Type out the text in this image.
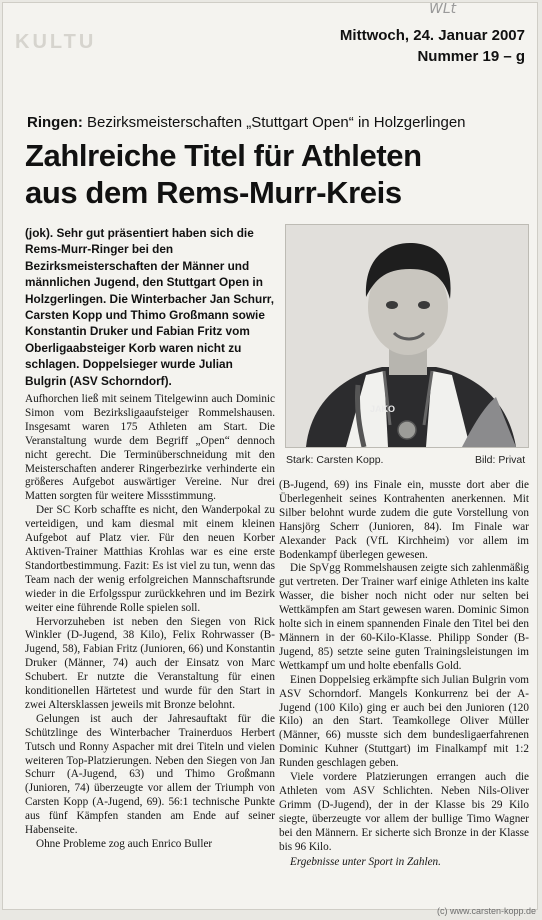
WLt
KULTU	Mittwoch, 24. Januar 2007
Nummer 19 – g
Ringen: Bezirksmeisterschaften „Stuttgart Open“ in Holzgerlingen
Zahlreiche Titel für Athleten
aus dem Rems-Murr-Kreis
(jok). Sehr gut präsentiert haben sich die Rems-Murr-Ringer bei den Bezirksmeisterschaften der Männer und männlichen Jugend, den Stuttgart Open in Holzgerlingen. Die Winterbacher Jan Schurr, Carsten Kopp und Thimo Großmann sowie Konstantin Druker und Fabian Fritz vom Oberligaabsteiger Korb waren nicht zu schlagen. Doppelsieger wurde Julian Bulgrin (ASV Schorndorf).
JAKO
Stark: Carsten Kopp.	Bild: Privat

Aufhorchen ließ mit seinem Titelgewinn auch Dominic Simon vom Bezirksligaaufsteiger Rommelshausen. Insgesamt waren 175 Athleten am Start. Die Veranstaltung wurde dem Begriff „Open“ dennoch nicht gerecht. Die Terminüberschneidung mit den Meisterschaften anderer Ringerbezirke verhinderte ein größeres Aufgebot auswärtiger Vereine. Nur drei Matten sorgten für weitere Missstimmung.

Der SC Korb schaffte es nicht, den Wanderpokal zu verteidigen, und kam diesmal mit einem kleinen Aufgebot auf Platz vier. Für den neuen Korber Aktiven-Trainer Matthias Krohlas war es eine erste Standortbestimmung. Fazit: Es ist viel zu tun, wenn das Team nach der wenig erfolgreichen Mannschaftsrunde wieder in die Erfolgsspur zurückkehren und im Bezirk weiter eine führende Rolle spielen soll.

Hervorzuheben ist neben den Siegen von Rick Winkler (D-Jugend, 38 Kilo), Felix Rohrwasser (B-Jugend, 58), Fabian Fritz (Junioren, 66) und Konstantin Druker (Männer, 74) auch der Einsatz von Marc Schubert. Er nutzte die Veranstaltung für einen konditionellen Härtetest und wurde für den Start in zwei Altersklassen jeweils mit Bronze belohnt.

Gelungen ist auch der Jahresauftakt für die Schützlinge des Winterbacher Trainerduos Herbert Tutsch und Ronny Aspacher mit drei Titeln und vielen weiteren Top-Platzierungen. Neben den Siegen von Jan Schurr (A-Jugend, 63) und Thimo Großmann (Junioren, 74) überzeugte vor allem der Triumph von Carsten Kopp (A-Jugend, 69). 56:1 technische Punkte aus fünf Kämpfen standen am Ende auf seiner Habenseite.

Ohne Probleme zog auch Enrico Buller

(B-Jugend, 69) ins Finale ein, musste dort aber die Überlegenheit seines Kontrahenten anerkennen. Mit Silber belohnt wurde zudem die gute Vorstellung von Hansjörg Scherr (Junioren, 84). Im Finale war Alexander Pack (VfL Kirchheim) vor allem im Bodenkampf überlegen gewesen.

Die SpVgg Rommelshausen zeigte sich zahlenmäßig gut vertreten. Der Trainer warf einige Athleten ins kalte Wasser, die bisher noch nicht oder nur selten bei Wettkämpfen am Start gewesen waren. Dominic Simon holte sich in einem spannenden Finale den Titel bei den Männern in der 60-Kilo-Klasse. Philipp Sonder (B-Jugend, 85) setzte seine guten Trainingsleistungen im Wettkampf um und holte ebenfalls Gold.

Einen Doppelsieg erkämpfte sich Julian Bulgrin vom ASV Schorndorf. Mangels Konkurrenz bei der A-Jugend (100 Kilo) ging er auch bei den Junioren (120 Kilo) an den Start. Teamkollege Oliver Müller (Männer, 66) musste sich dem bundesligaerfahrenen Dominic Kuhner (Stuttgart) im Finalkampf mit 1:2 Runden geschlagen geben.

Viele vordere Platzierungen errangen auch die Athleten vom ASV Schlichten. Neben Nils-Oliver Grimm (D-Jugend), der in der Klasse bis 29 Kilo siegte, überzeugte vor allem der bullige Timo Wagner bei den Männern. Er sicherte sich Bronze in der Klasse bis 96 Kilo.

Ergebnisse unter Sport in Zahlen.

(c) www.carsten-kopp.de
